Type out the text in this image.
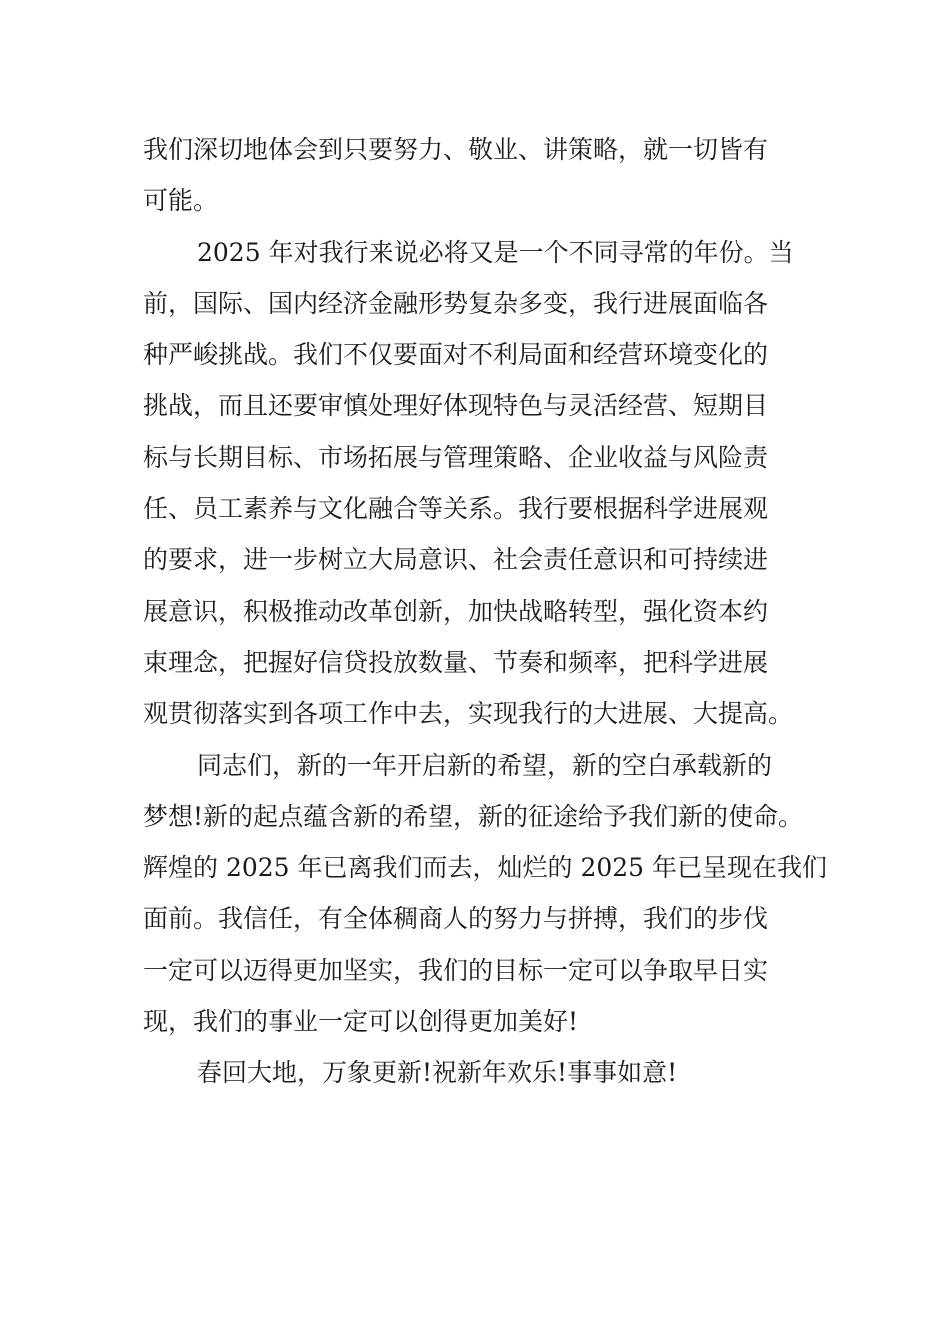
我们深切地体会到只要努力、敬业、讲策略，就一切皆有
可能。
2025 年对我行来说必将又是一个不同寻常的年份。当
前，国际、国内经济金融形势复杂多变，我行进展面临各
种严峻挑战。我们不仅要面对不利局面和经营环境变化的
挑战，而且还要审慎处理好体现特色与灵活经营、短期目
标与长期目标、市场拓展与管理策略、企业收益与风险责
任、员工素养与文化融合等关系。我行要根据科学进展观
的要求，进一步树立大局意识、社会责任意识和可持续进
展意识，积极推动改革创新，加快战略转型，强化资本约
束理念，把握好信贷投放数量、节奏和频率，把科学进展
观贯彻落实到各项工作中去，实现我行的大进展、大提高。
同志们，新的一年开启新的希望，新的空白承载新的
梦想!新的起点蕴含新的希望，新的征途给予我们新的使命。
辉煌的 2025 年已离我们而去，灿烂的 2025 年已呈现在我们
面前。我信任，有全体稠商人的努力与拼搏，我们的步伐
一定可以迈得更加坚实，我们的目标一定可以争取早日实
现，我们的事业一定可以创得更加美好!
春回大地，万象更新!祝新年欢乐!事事如意!
